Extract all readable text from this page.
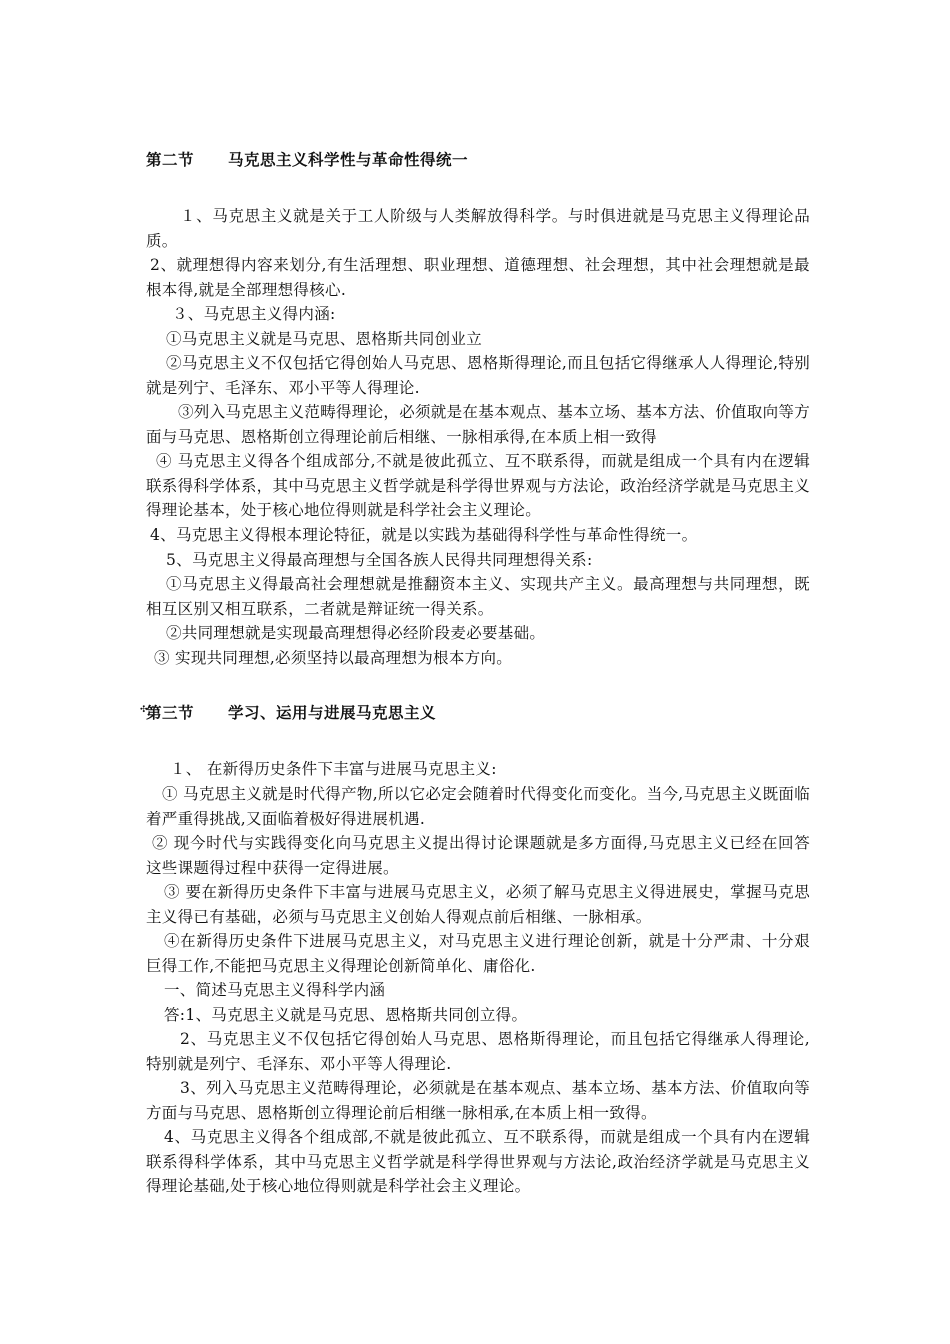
第二节 马克思主义科学性与革命性得统一
１、马克思主义就是关于工人阶级与人类解放得科学。与时俱进就是马克思主义得理论品质。
2、就理想得内容来划分,有生活理想、职业理想、道德理想、社会理想，其中社会理想就是最根本得,就是全部理想得核心.
３、马克思主义得内涵:
①马克思主义就是马克思、恩格斯共同创业立
②马克思主义不仅包括它得创始人马克思、恩格斯得理论,而且包括它得继承人人得理论,特别就是列宁、毛泽东、邓小平等人得理论.
③列入马克思主义范畴得理论，必须就是在基本观点、基本立场、基本方法、价值取向等方面与马克思、恩格斯创立得理论前后相继、一脉相承得,在本质上相一致得
④ 马克思主义得各个组成部分,不就是彼此孤立、互不联系得，而就是组成一个具有内在逻辑联系得科学体系，其中马克思主义哲学就是科学得世界观与方法论，政治经济学就是马克思主义得理论基本，处于核心地位得则就是科学社会主义理论。
4、马克思主义得根本理论特征，就是以实践为基础得科学性与革命性得统一。
5、马克思主义得最高理想与全国各族人民得共同理想得关系:
①马克思主义得最高社会理想就是推翻资本主义、实现共产主义。最高理想与共同理想，既相互区别又相互联系，二者就是辩证统一得关系。
②共同理想就是实现最高理想得必经阶段麦必要基础。
③ 实现共同理想,必须坚持以最高理想为根本方向。
✣
第三节 学习、运用与进展马克思主义
１、 在新得历史条件下丰富与进展马克思主义:
① 马克思主义就是时代得产物,所以它必定会随着时代得变化而变化。当今,马克思主义既面临着严重得挑战,又面临着极好得进展机遇.
② 现今时代与实践得变化向马克思主义提出得讨论课题就是多方面得,马克思主义已经在回答这些课题得过程中获得一定得进展。
③ 要在新得历史条件下丰富与进展马克思主义，必须了解马克思主义得进展史，掌握马克思主义得已有基础，必须与马克思主义创始人得观点前后相继、一脉相承。
④在新得历史条件下进展马克思主义，对马克思主义进行理论创新，就是十分严肃、十分艰巨得工作,不能把马克思主义得理论创新简单化、庸俗化.
一、简述马克思主义得科学内涵
答:1、马克思主义就是马克思、恩格斯共同创立得。
2、马克思主义不仅包括它得创始人马克思、恩格斯得理论，而且包括它得继承人得理论,特别就是列宁、毛泽东、邓小平等人得理论.
3、列入马克思主义范畴得理论，必须就是在基本观点、基本立场、基本方法、价值取向等方面与马克思、恩格斯创立得理论前后相继一脉相承,在本质上相一致得。
4、马克思主义得各个组成部,不就是彼此孤立、互不联系得，而就是组成一个具有内在逻辑联系得科学体系，其中马克思主义哲学就是科学得世界观与方法论,政治经济学就是马克思主义得理论基础,处于核心地位得则就是科学社会主义理论。
